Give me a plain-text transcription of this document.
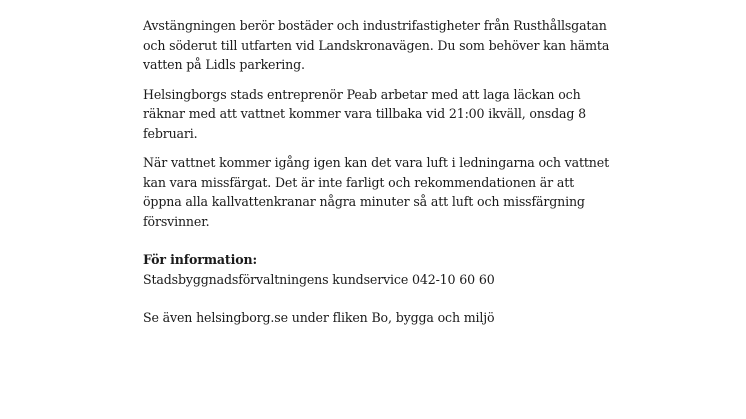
Avstängningen berör bostäder och industrifastigheter från Rusthållsgatan och söderut till utfarten vid Landskronavägen. Du som behöver kan hämta vatten på Lidls parkering.

Helsingborgs stads entreprenör Peab arbetar med att laga läckan och räknar med att vattnet kommer vara tillbaka vid 21:00 ikväll, onsdag 8 februari.

När vattnet kommer igång igen kan det vara luft i ledningarna och vattnet kan vara missfärgat. Det är inte farligt och rekommendationen är att öppna alla kallvattenkranar några minuter så att luft och missfärgning försvinner.

För information:
Stadsbyggnadsförvaltningens kundservice 042-10 60 60

Se även helsingborg.se under fliken Bo, bygga och miljö
